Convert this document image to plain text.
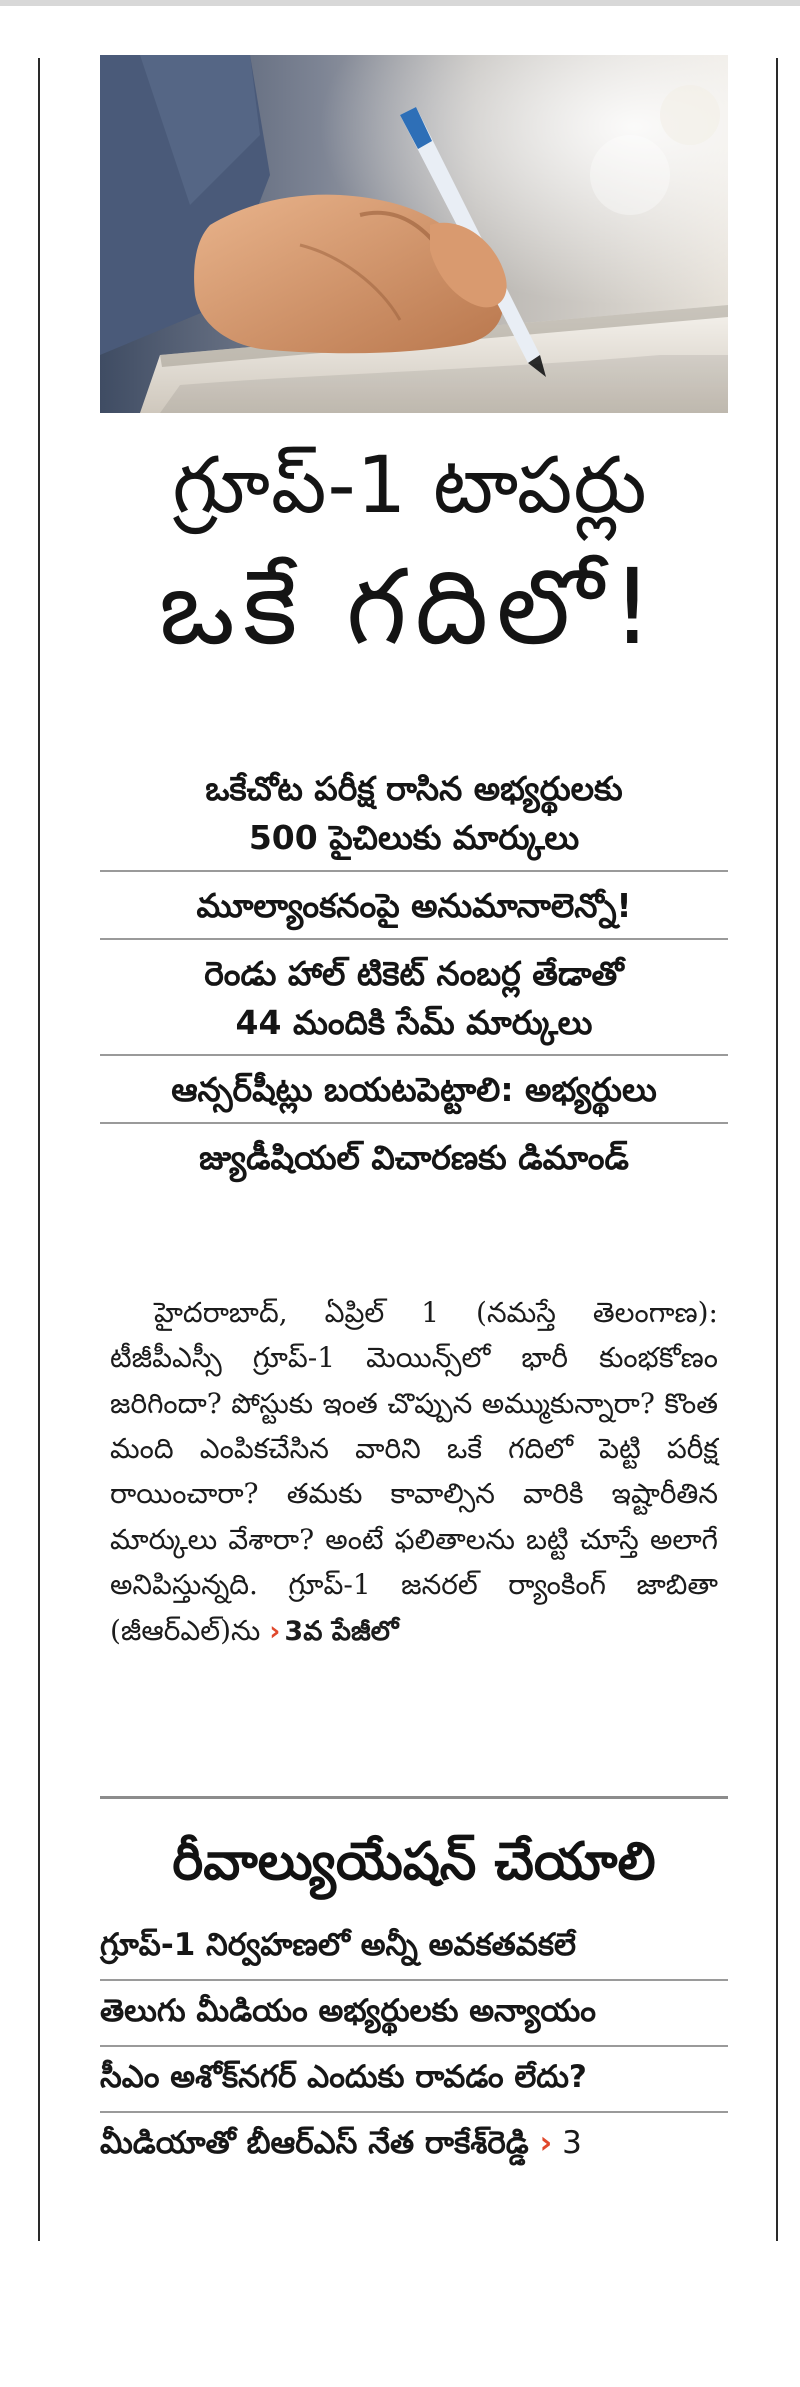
గ్రూప్‌-1 టాపర్లు
ఒకే గదిలో!
ఒకేచోట పరీక్ష రాసిన అభ్యర్థులకు
500 పైచిలుకు మార్కులు
మూల్యాంకనంపై అనుమానాలెన్నో!
రెండు హాల్‌ టికెట్‌ నంబర్ల తేడాతో
44 మందికి సేమ్‌ మార్కులు
ఆన్సర్‌షీట్లు బయటపెట్టాలి: అభ్యర్థులు
జ్యుడీషియల్‌ విచారణకు డిమాండ్‌
హైదరాబాద్‌, ఏప్రిల్‌ 1 (నమస్తే తెలంగాణ): టీజీపీఎస్సీ గ్రూప్‌-1 మెయిన్స్‌లో భారీ కుంభకోణం జరిగిందా? పోస్టుకు ఇంత చొప్పున అమ్ముకున్నారా? కొంత మంది ఎంపికచేసిన వారిని ఒకే గదిలో పెట్టి పరీక్ష రాయించారా? తమకు కావాల్సిన వారికి ఇష్టారీతిన మార్కులు వేశారా? అంటే ఫలితాలను బట్టి చూస్తే అలాగే అనిపిస్తున్నది. గ్రూప్‌-1 జనరల్‌ ర్యాంకింగ్‌ జాబితా (జీఆర్‌ఎల్‌)ను › 3వ పేజీలో
రీవాల్యుయేషన్‌ చేయాలి
గ్రూప్‌-1 నిర్వహణలో అన్నీ అవకతవకలే
తెలుగు మీడియం అభ్యర్థులకు అన్యాయం
సీఎం అశోక్‌నగర్‌ ఎందుకు రావడం లేదు?
మీడియాతో బీఆర్‌ఎస్‌ నేత రాకేశ్‌రెడ్డి › 3
